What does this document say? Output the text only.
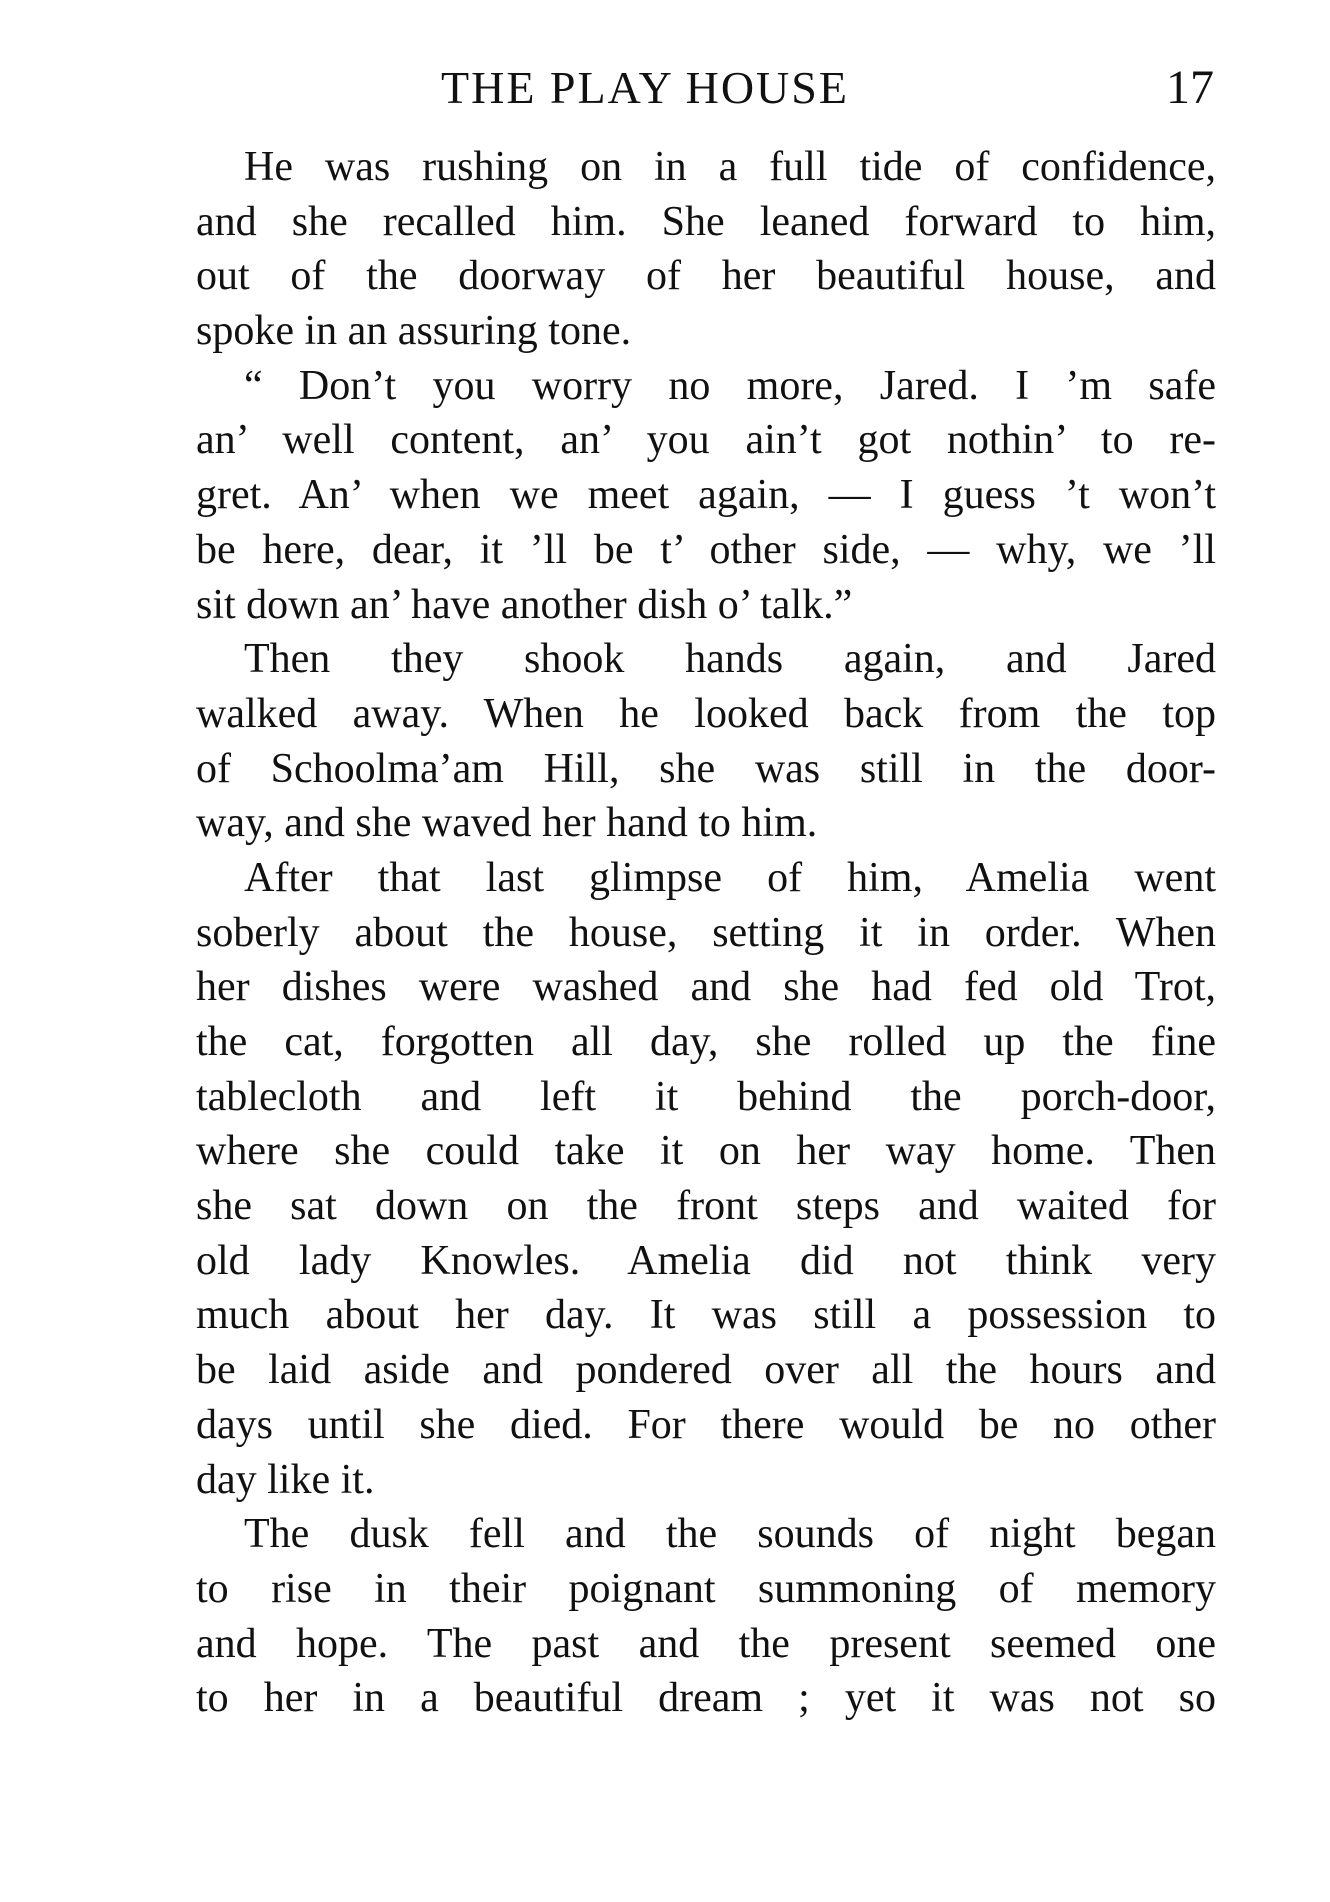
THE PLAY HOUSE	17
He was rushing on in a full tide of confidence,
and she recalled him. She leaned forward to him,
out of the doorway of her beautiful house, and
spoke in an assuring tone.
“ Don’t you worry no more, Jared. I ’m safe
an’ well content, an’ you ain’t got nothin’ to re-
gret. An’ when we meet again, — I guess ’t won’t
be here, dear, it ’ll be t’ other side, — why, we ’ll
sit down an’ have another dish o’ talk.”
Then they shook hands again, and Jared
walked away. When he looked back from the top
of Schoolma’am Hill, she was still in the door-
way, and she waved her hand to him.
After that last glimpse of him, Amelia went
soberly about the house, setting it in order. When
her dishes were washed and she had fed old Trot,
the cat, forgotten all day, she rolled up the fine
tablecloth and left it behind the porch-door,
where she could take it on her way home. Then
she sat down on the front steps and waited for
old lady Knowles. Amelia did not think very
much about her day. It was still a possession to
be laid aside and pondered over all the hours and
days until she died. For there would be no other
day like it.
The dusk fell and the sounds of night began
to rise in their poignant summoning of memory
and hope. The past and the present seemed one
to her in a beautiful dream ; yet it was not so
